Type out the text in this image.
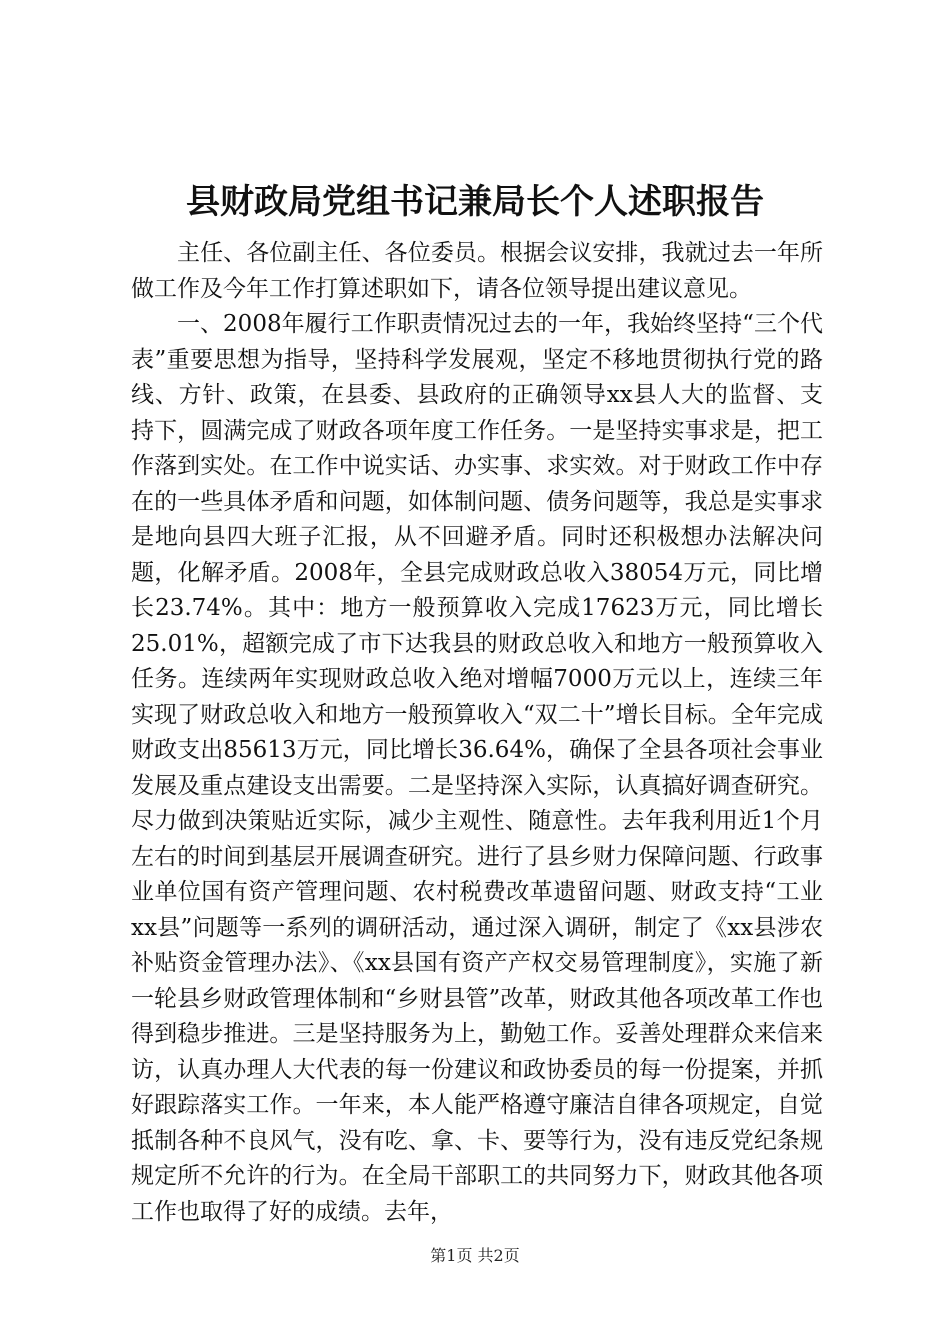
县财政局党组书记兼局长个人述职报告

主任、各位副主任、各位委员。根据会议安排，我就过去一年所做工作及今年工作打算述职如下，请各位领导提出建议意见。

一、2008年履行工作职责情况过去的一年，我始终坚持“三个代表”重要思想为指导，坚持科学发展观，坚定不移地贯彻执行党的路线、方针、政策，在县委、县政府的正确领导xx县人大的监督、支持下，圆满完成了财政各项年度工作任务。一是坚持实事求是，把工作落到实处。在工作中说实话、办实事、求实效。对于财政工作中存在的一些具体矛盾和问题，如体制问题、债务问题等，我总是实事求是地向县四大班子汇报，从不回避矛盾。同时还积极想办法解决问题，化解矛盾。2008年，全县完成财政总收入38054万元，同比增长23.74%。其中：地方一般预算收入完成17623万元，同比增长25.01%，超额完成了市下达我县的财政总收入和地方一般预算收入任务。连续两年实现财政总收入绝对增幅7000万元以上，连续三年实现了财政总收入和地方一般预算收入“双二十”增长目标。全年完成财政支出85613万元，同比增长36.64%，确保了全县各项社会事业发展及重点建设支出需要。二是坚持深入实际，认真搞好调查研究。尽力做到决策贴近实际，减少主观性、随意性。去年我利用近1个月左右的时间到基层开展调查研究。进行了县乡财力保障问题、行政事业单位国有资产管理问题、农村税费改革遗留问题、财政支持“工业xx县”问题等一系列的调研活动，通过深入调研，制定了《xx县涉农补贴资金管理办法》、《xx县国有资产产权交易管理制度》，实施了新一轮县乡财政管理体制和“乡财县管”改革，财政其他各项改革工作也得到稳步推进。三是坚持服务为上，勤勉工作。妥善处理群众来信来访，认真办理人大代表的每一份建议和政协委员的每一份提案，并抓好跟踪落实工作。一年来，本人能严格遵守廉洁自律各项规定，自觉抵制各种不良风气，没有吃、拿、卡、要等行为，没有违反党纪条规规定所不允许的行为。在全局干部职工的共同努力下，财政其他各项工作也取得了好的成绩。去年，

第1页 共2页
